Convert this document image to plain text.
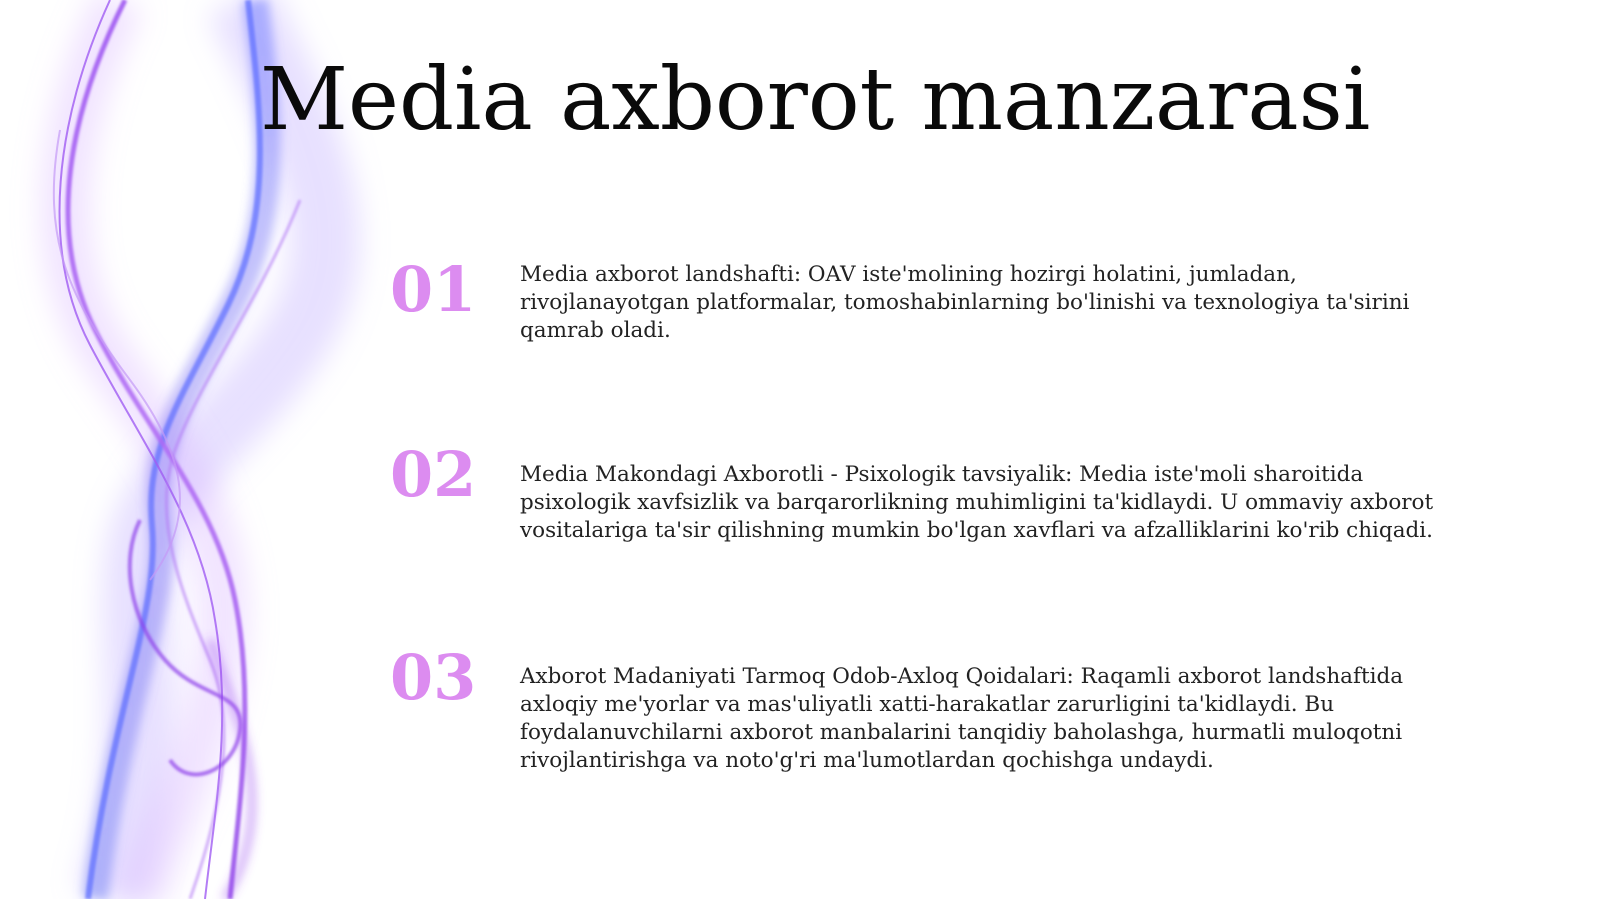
Media axborot manzarasi
01	Media axborot landshafti: OAV iste'molining hozirgi holatini, jumladan, rivojlanayotgan platformalar, tomoshabinlarning bo'linishi va texnologiya ta'sirini qamrab oladi.

02	Media Makondagi Axborotli - Psixologik tavsiyalik: Media iste'moli sharoitida psixologik xavfsizlik va barqarorlikning muhimligini ta'kidlaydi. U ommaviy axborot vositalariga ta'sir qilishning mumkin bo'lgan xavflari va afzalliklarini ko'rib chiqadi.

03	Axborot Madaniyati Tarmoq Odob-Axloq Qoidalari: Raqamli axborot landshaftida axloqiy me'yorlar va mas'uliyatli xatti-harakatlar zarurligini ta'kidlaydi. Bu foydalanuvchilarni axborot manbalarini tanqidiy baholashga, hurmatli muloqotni rivojlantirishga va noto'g'ri ma'lumotlardan qochishga undaydi.
